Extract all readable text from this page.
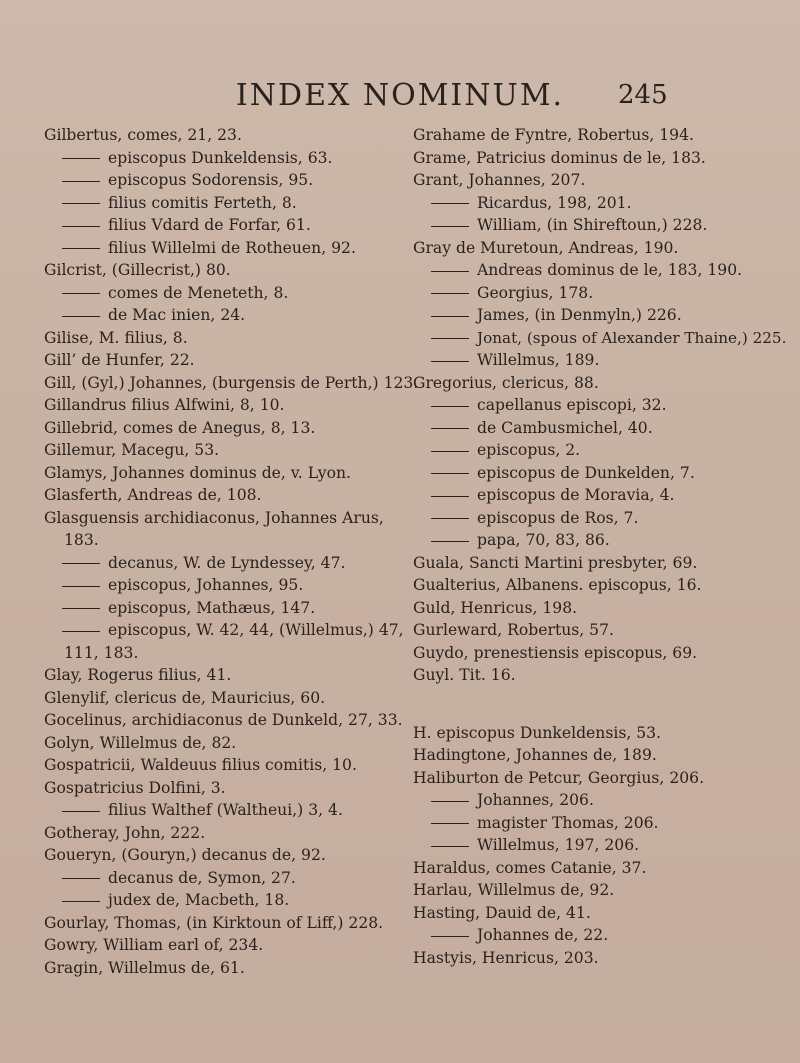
INDEX NOMINUM.	245
Gilbertus, comes, 21, 23.
episcopus Dunkeldensis, 63.
episcopus Sodorensis, 95.
filius comitis Ferteth, 8.
filius Vdard de Forfar, 61.
filius Willelmi de Rotheuen, 92.
Gilcrist, (Gillecrist,) 80.
comes de Meneteth, 8.
de Mac inien, 24.
Gilise, M. filius, 8.
Gill’ de Hunfer, 22.
Gill, (Gyl,) Johannes, (burgensis de Perth,) 123.
Gillandrus filius Alfwini, 8, 10.
Gillebrid, comes de Anegus, 8, 13.
Gillemur, Macegu, 53.
Glamys, Johannes dominus de, v. Lyon.
Glasferth, Andreas de, 108.
Glasguensis archidiaconus, Johannes Arus,
183.
decanus, W. de Lyndessey, 47.
episcopus, Johannes, 95.
episcopus, Mathæus, 147.
episcopus, W. 42, 44, (Willelmus,) 47,
111, 183.
Glay, Rogerus filius, 41.
Glenylif, clericus de, Mauricius, 60.
Gocelinus, archidiaconus de Dunkeld, 27, 33.
Golyn, Willelmus de, 82.
Gospatricii, Waldeuus filius comitis, 10.
Gospatricius Dolfini, 3.
filius Walthef (Waltheui,) 3, 4.
Gotheray, John, 222.
Goueryn, (Gouryn,) decanus de, 92.
decanus de, Symon, 27.
judex de, Macbeth, 18.
Gourlay, Thomas, (in Kirktoun of Liff,) 228.
Gowry, William earl of, 234.
Gragin, Willelmus de, 61.
Grahame de Fyntre, Robertus, 194.
Grame, Patricius dominus de le, 183.
Grant, Johannes, 207.
Ricardus, 198, 201.
William, (in Shireftoun,) 228.
Gray de Muretoun, Andreas, 190.
Andreas dominus de le, 183, 190.
Georgius, 178.
James, (in Denmyln,) 226.
Jonat, (spous of Alexander Thaine,) 225.
Willelmus, 189.
Gregorius, clericus, 88.
capellanus episcopi, 32.
de Cambusmichel, 40.
episcopus, 2.
episcopus de Dunkelden, 7.
episcopus de Moravia, 4.
episcopus de Ros, 7.
papa, 70, 83, 86.
Guala, Sancti Martini presbyter, 69.
Gualterius, Albanens. episcopus, 16.
Guld, Henricus, 198.
Gurleward, Robertus, 57.
Guydo, prenestiensis episcopus, 69.
Guyl. Tit. 16.
H. episcopus Dunkeldensis, 53.
Hadingtone, Johannes de, 189.
Haliburton de Petcur, Georgius, 206.
Johannes, 206.
magister Thomas, 206.
Willelmus, 197, 206.
Haraldus, comes Catanie, 37.
Harlau, Willelmus de, 92.
Hasting, Dauid de, 41.
Johannes de, 22.
Hastyis, Henricus, 203.
